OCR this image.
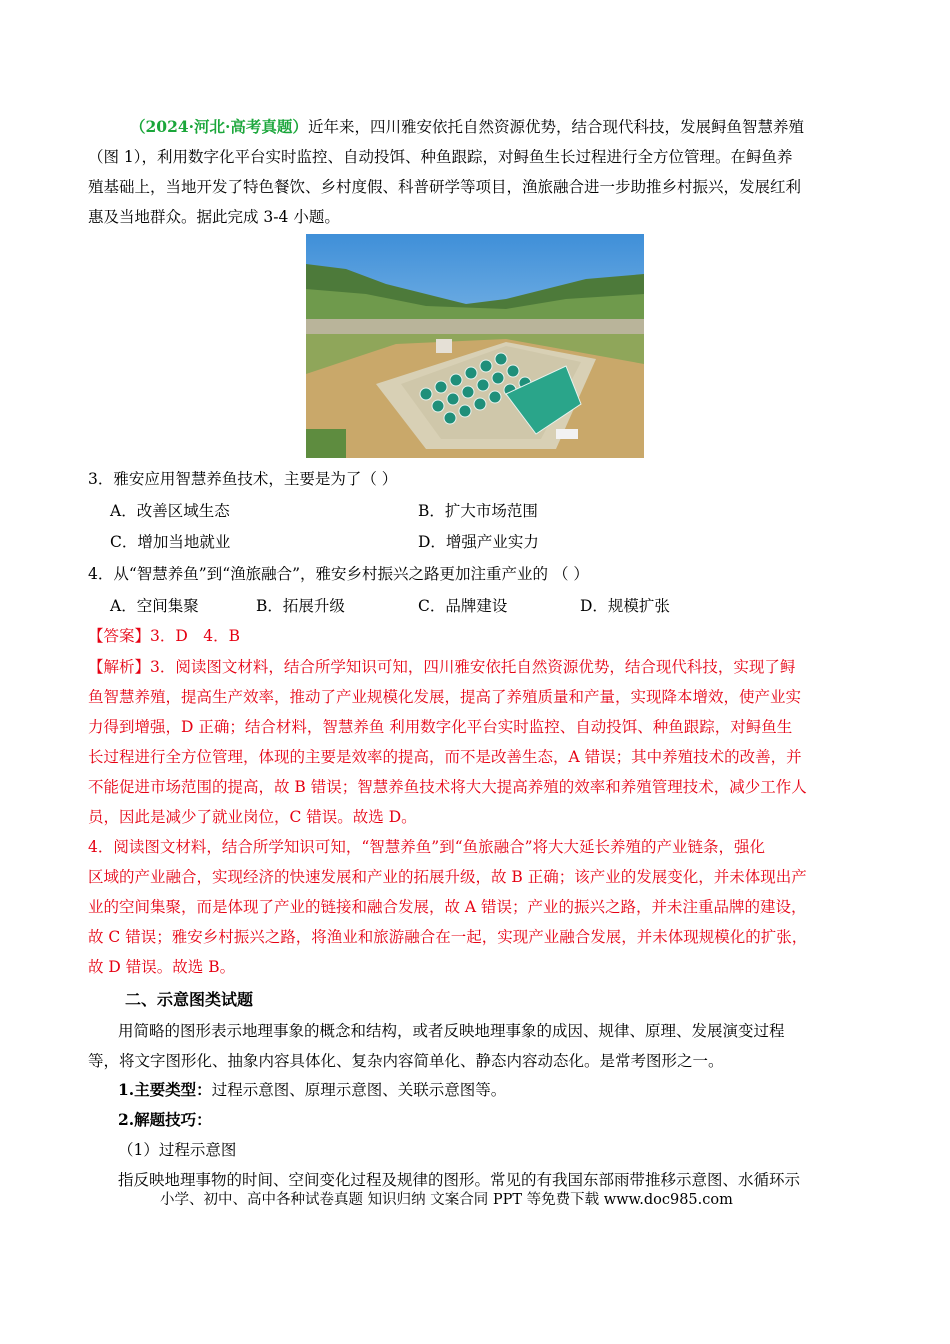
（2024·河北·高考真题）近年来，四川雅安依托自然资源优势，结合现代科技，发展鲟鱼智慧养殖
（图 1），利用数字化平台实时监控、自动投饵、种鱼跟踪，对鲟鱼生长过程进行全方位管理。在鲟鱼养
殖基础上，当地开发了特色餐饮、乡村度假、科普研学等项目，渔旅融合进一步助推乡村振兴，发展红利
惠及当地群众。据此完成 3-4 小题。
3．雅安应用智慧养鱼技术，主要是为了（ ）
A．改善区域生态	B．扩大市场范围
C．增加当地就业	D．增强产业实力
4．从“智慧养鱼”到“渔旅融合”，雅安乡村振兴之路更加注重产业的 （ ）
A．空间集聚	B．拓展升级	C．品牌建设	D．规模扩张
【答案】3．D　4．B
【解析】3．阅读图文材料，结合所学知识可知，四川雅安依托自然资源优势，结合现代科技，实现了鲟
鱼智慧养殖，提高生产效率，推动了产业规模化发展，提高了养殖质量和产量，实现降本增效，使产业实
力得到增强，D 正确；结合材料，智慧养鱼 利用数字化平台实时监控、自动投饵、种鱼跟踪，对鲟鱼生
长过程进行全方位管理，体现的主要是效率的提高，而不是改善生态，A 错误；其中养殖技术的改善，并
不能促进市场范围的提高，故 B 错误；智慧养鱼技术将大大提高养殖的效率和养殖管理技术，减少工作人
员，因此是减少了就业岗位，C 错误。故选 D。
4．阅读图文材料，结合所学知识可知，“智慧养鱼”到“鱼旅融合”将大大延长养殖的产业链条，强化
区域的产业融合，实现经济的快速发展和产业的拓展升级，故 B 正确；该产业的发展变化，并未体现出产
业的空间集聚，而是体现了产业的链接和融合发展，故 A 错误；产业的振兴之路，并未注重品牌的建设，
故 C 错误；雅安乡村振兴之路，将渔业和旅游融合在一起，实现产业融合发展，并未体现规模化的扩张，
故 D 错误。故选 B。
二、示意图类试题
用简略的图形表示地理事象的概念和结构，或者反映地理事象的成因、规律、原理、发展演变过程
等，将文字图形化、抽象内容具体化、复杂内容简单化、静态内容动态化。是常考图形之一。
1.主要类型：过程示意图、原理示意图、关联示意图等。
2.解题技巧：
（1）过程示意图
指反映地理事物的时间、空间变化过程及规律的图形。常见的有我国东部雨带推移示意图、水循环示
小学、初中、高中各种试卷真题 知识归纳 文案合同 PPT 等免费下载 www.doc985.com
